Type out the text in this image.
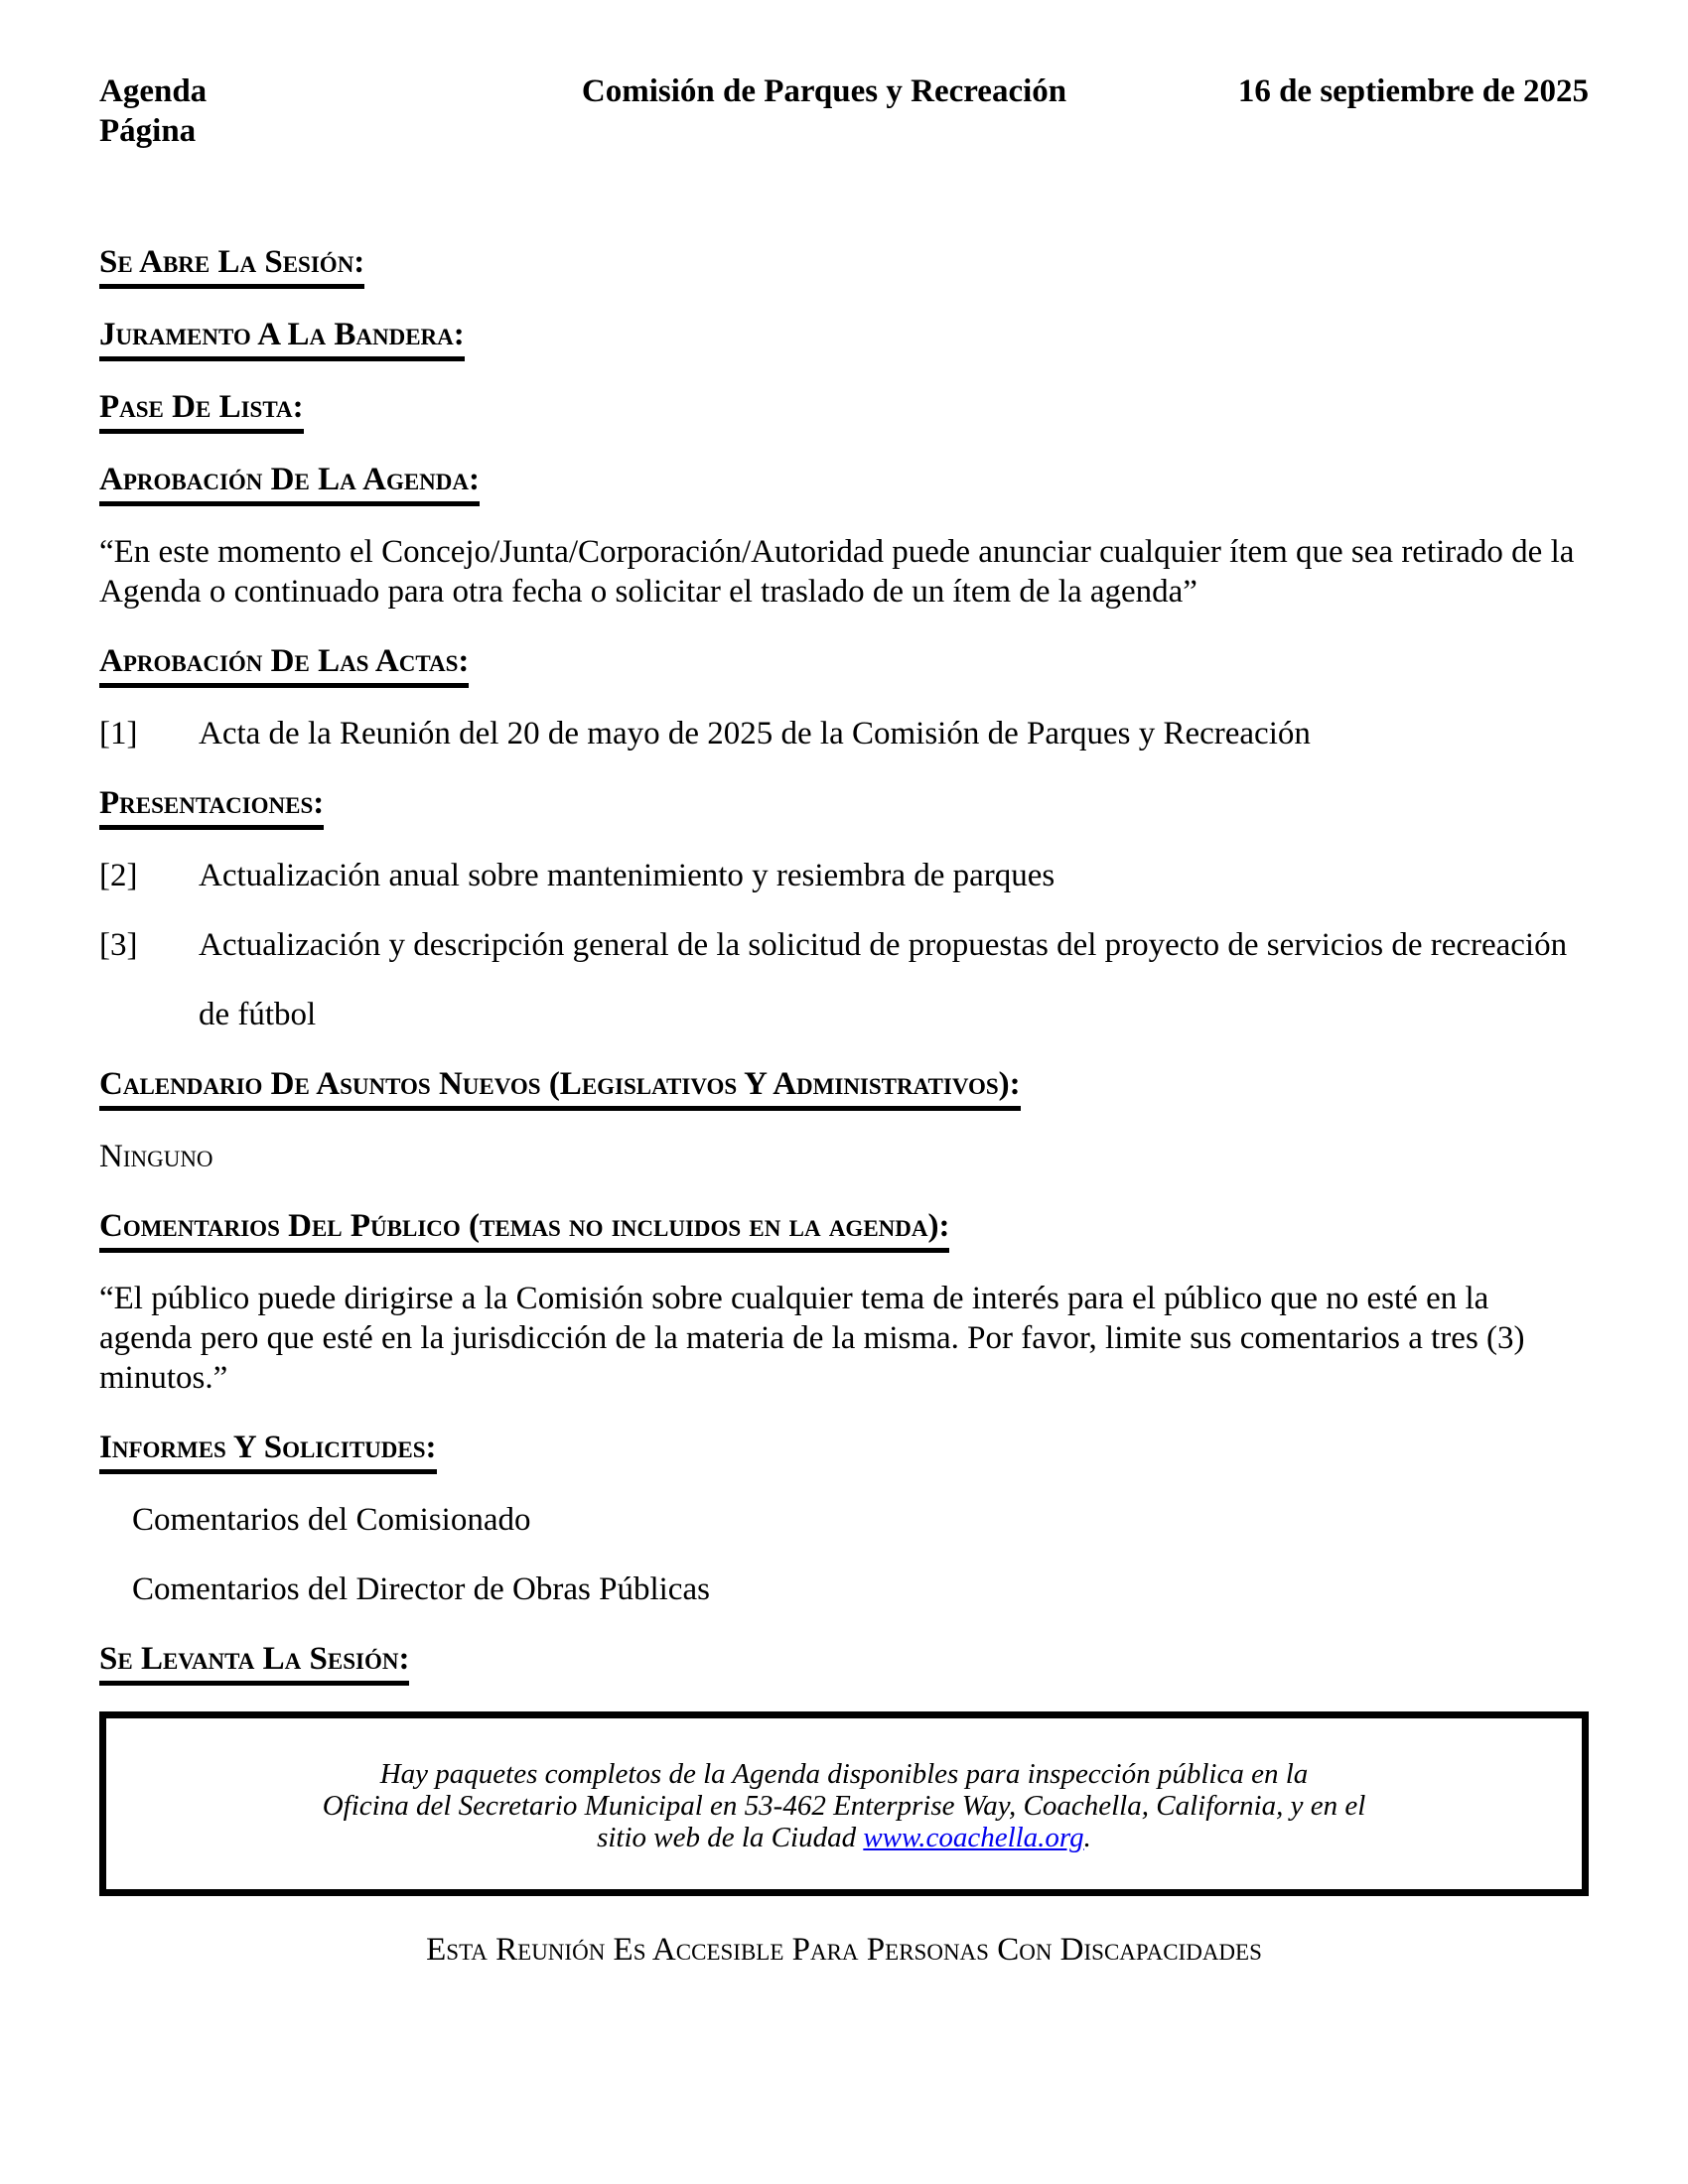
Agenda
Página
Comisión de Parques y Recreación	16 de septiembre de 2025
Se Abre La Sesión:
Juramento A La Bandera:
Pase De Lista:
Aprobación De La Agenda:
“En este momento el Concejo/Junta/Corporación/Autoridad puede anunciar cualquier ítem que sea retirado de la Agenda o continuado para otra fecha o solicitar el traslado de un ítem de la agenda”
Aprobación De Las Actas:
[1]	Acta de la Reunión del 20 de mayo de 2025 de la Comisión de Parques y Recreación
Presentaciones:
[2]	Actualización anual sobre mantenimiento y resiembra de parques
[3]	Actualización y descripción general de la solicitud de propuestas del proyecto de servicios de recreación
de fútbol
Calendario De Asuntos Nuevos (Legislativos Y Administrativos):
Ninguno
Comentarios Del Público (temas no incluidos en la agenda):
“El público puede dirigirse a la Comisión sobre cualquier tema de interés para el público que no esté en la agenda pero que esté en la jurisdicción de la materia de la misma. Por favor, limite sus comentarios a tres (3) minutos.”
Informes Y Solicitudes:
Comentarios del Comisionado
Comentarios del Director de Obras Públicas
Se Levanta La Sesión:
Hay paquetes completos de la Agenda disponibles para inspección pública en la
Oficina del Secretario Municipal en 53-462 Enterprise Way, Coachella, California, y en el
sitio web de la Ciudad www.coachella.org.
Esta Reunión Es Accesible Para Personas Con Discapacidades
